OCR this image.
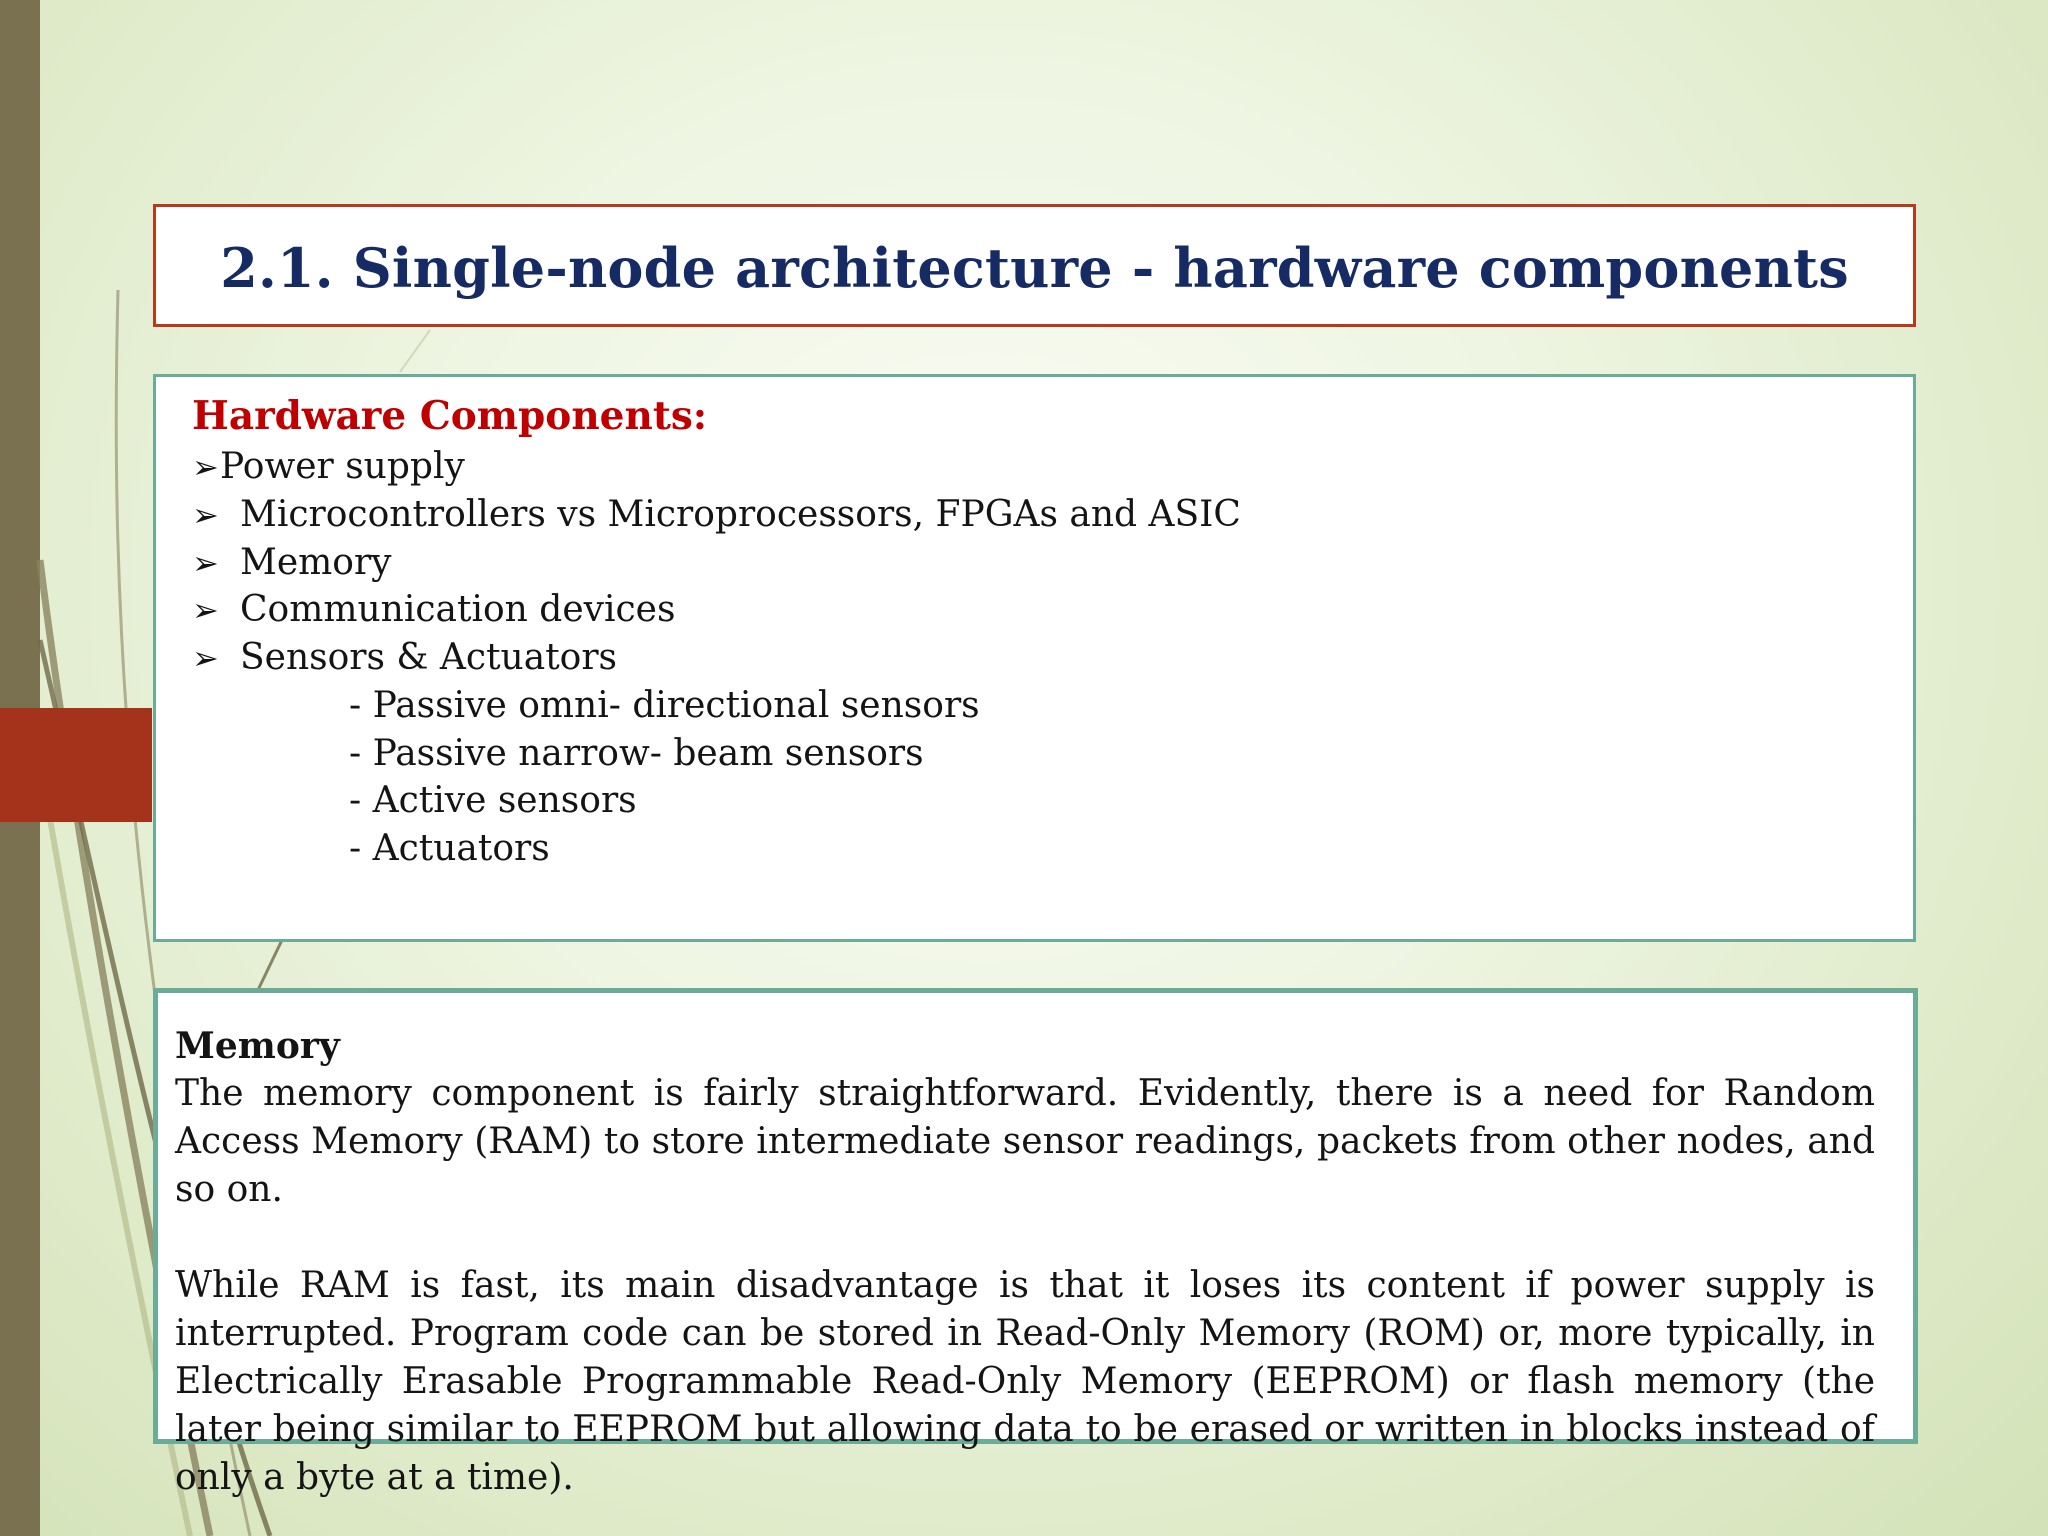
2.1. Single-node architecture - hardware components
Hardware Components:
➢Power supply
➢ Microcontrollers vs Microprocessors, FPGAs and ASIC
➢ Memory
➢ Communication devices
➢ Sensors & Actuators
- Passive omni- directional sensors
- Passive narrow- beam sensors
- Active sensors
- Actuators
Memory

The memory component is fairly straightforward. Evidently, there is a need for Random Access Memory (RAM) to store intermediate sensor readings, packets from other nodes, and so on.

While RAM is fast, its main disadvantage is that it loses its content if power supply is interrupted. Program code can be stored in Read-Only Memory (ROM) or, more typically, in Electrically Erasable Programmable Read-Only Memory (EEPROM) or flash memory (the later being similar to EEPROM but allowing data to be erased or written in blocks instead of only a byte at a time).
